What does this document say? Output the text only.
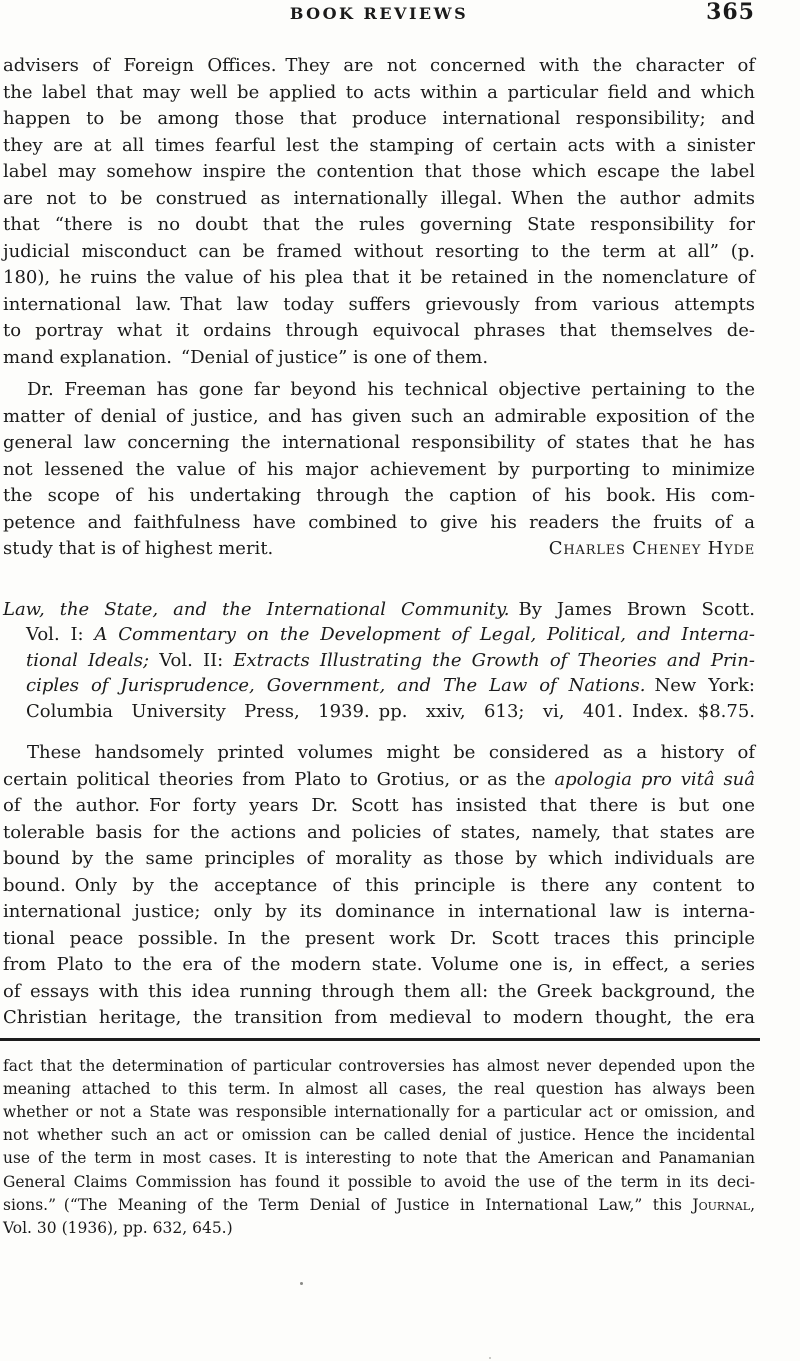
BOOK REVIEWS	365
advisers of Foreign Offices. They are not concerned with the character of
the label that may well be applied to acts within a particular field and which
happen to be among those that produce international responsibility; and
they are at all times fearful lest the stamping of certain acts with a sinister
label may somehow inspire the contention that those which escape the label
are not to be construed as internationally illegal. When the author admits
that “there is no doubt that the rules governing State responsibility for
judicial misconduct can be framed without resorting to the term at all” (p.
180), he ruins the value of his plea that it be retained in the nomenclature of
international law. That law today suffers grievously from various attempts
to portray what it ordains through equivocal phrases that themselves de-
mand explanation. “Denial of justice” is one of them.
Dr. Freeman has gone far beyond his technical objective pertaining to the
matter of denial of justice, and has given such an admirable exposition of the
general law concerning the international responsibility of states that he has
not lessened the value of his major achievement by purporting to minimize
the scope of his undertaking through the caption of his book. His com-
petence and faithfulness have combined to give his readers the fruits of a
study that is of highest merit.	Charles Cheney Hyde
Law, the State, and the International Community. By James Brown Scott.
Vol. I: A Commentary on the Development of Legal, Political, and Interna-
tional Ideals; Vol. II: Extracts Illustrating the Growth of Theories and Prin-
ciples of Jurisprudence, Government, and The Law of Nations. New York:
Columbia University Press, 1939. pp. xxiv, 613; vi, 401. Index. $8.75.
These handsomely printed volumes might be considered as a history of
certain political theories from Plato to Grotius, or as the apologia pro vitâ suâ
of the author. For forty years Dr. Scott has insisted that there is but one
tolerable basis for the actions and policies of states, namely, that states are
bound by the same principles of morality as those by which individuals are
bound. Only by the acceptance of this principle is there any content to
international justice; only by its dominance in international law is interna-
tional peace possible. In the present work Dr. Scott traces this principle
from Plato to the era of the modern state. Volume one is, in effect, a series
of essays with this idea running through them all: the Greek background, the
Christian heritage, the transition from medieval to modern thought, the era
fact that the determination of particular controversies has almost never depended upon the
meaning attached to this term. In almost all cases, the real question has always been
whether or not a State was responsible internationally for a particular act or omission, and
not whether such an act or omission can be called denial of justice. Hence the incidental
use of the term in most cases. It is interesting to note that the American and Panamanian
General Claims Commission has found it possible to avoid the use of the term in its deci-
sions.” (“The Meaning of the Term Denial of Justice in International Law,” this Journal,
Vol. 30 (1936), pp. 632, 645.)
